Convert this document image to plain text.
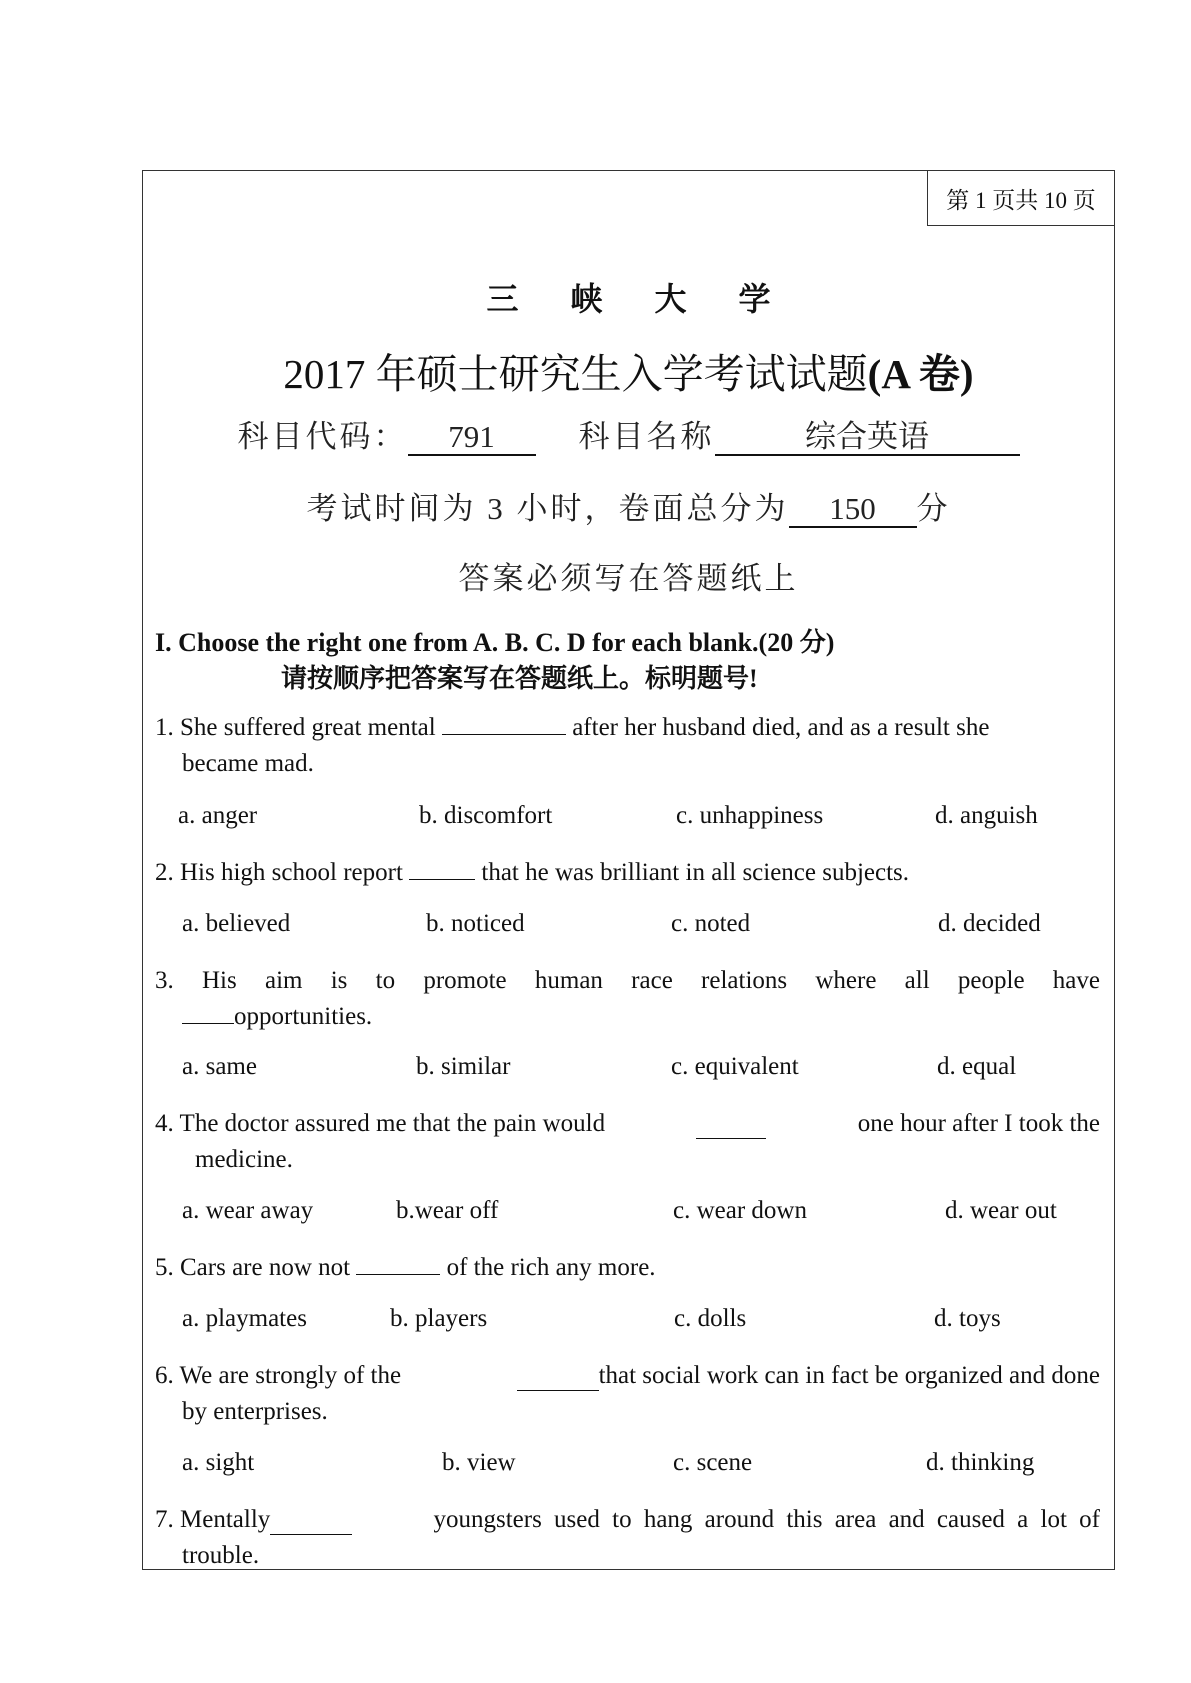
第 1 页共 10 页
三峡大学
2017 年硕士研究生入学考试试题(A 卷)
科目代码： 791	科目名称	综合英语
考试时间为 3 小时，卷面总分为 150 分
答案必须写在答题纸上
I. Choose the right one from A. B. C. D for each blank.(20 分)
请按顺序把答案写在答题纸上。标明题号!
1. She suffered great mental	after her husband died, and as a result she
became mad.
a. anger	b. discomfort	c. unhappiness	d. anguish
2. His high school report	that he was brilliant in all science subjects.
a. believed	b. noticed	c. noted	d. decided
3. His aim is to promote human race relations where all people have
opportunities.
a. same	b. similar	c. equivalent	d. equal
4. The doctor assured me that the pain would	one hour after I took the
medicine.
a. wear away	b.wear off	c. wear down	d. wear out
5. Cars are now not	of the rich any more.
a. playmates	b. players	c. dolls	d. toys
6. We are strongly of the	that social work can in fact be organized and done
by enterprises.
a. sight	b. view	c. scene	d. thinking
7. Mentally	youngsters used to hang around this area and caused a lot of
trouble.
